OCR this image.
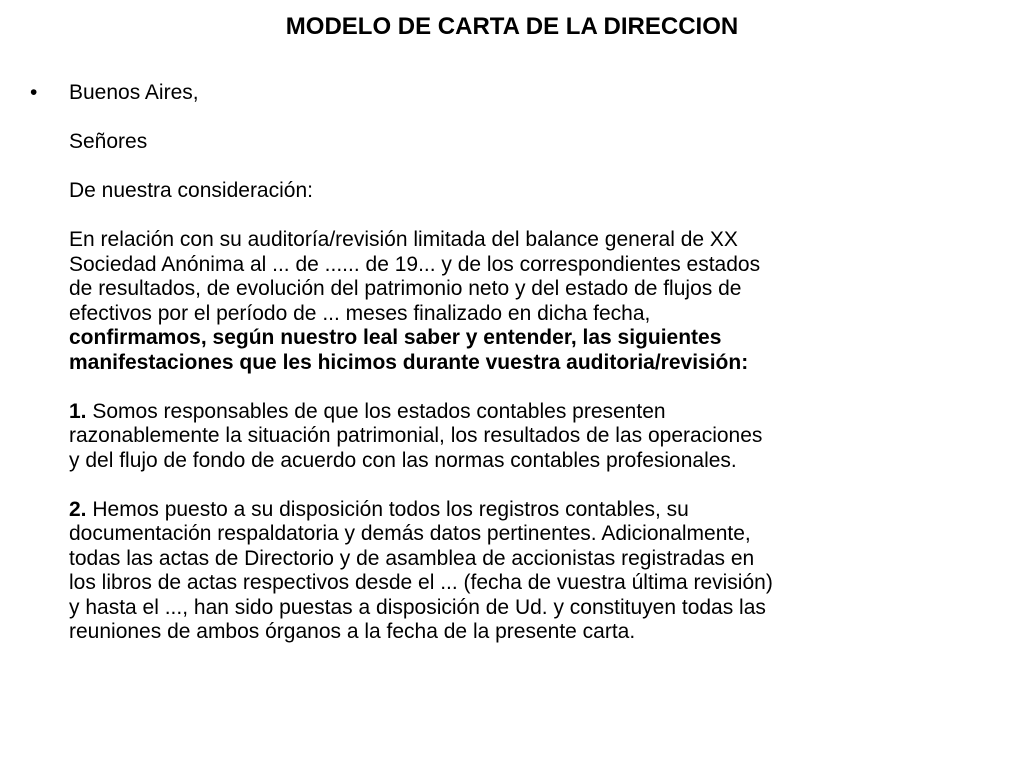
MODELO DE CARTA DE LA DIRECCION
• Buenos Aires,

Señores

De nuestra consideración:

En relación con su auditoría/revisión limitada del balance general de XX
Sociedad Anónima al ... de ...... de 19... y de los correspondientes estados
de resultados, de evolución del patrimonio neto y del estado de flujos de
efectivos por el período de ... meses finalizado en dicha fecha,
confirmamos, según nuestro leal saber y entender, las siguientes
manifestaciones que les hicimos durante vuestra auditoria/revisión:

1. Somos responsables de que los estados contables presenten
razonablemente la situación patrimonial, los resultados de las operaciones
y del flujo de fondo de acuerdo con las normas contables profesionales.

2. Hemos puesto a su disposición todos los registros contables, su
documentación respaldatoria y demás datos pertinentes. Adicionalmente,
todas las actas de Directorio y de asamblea de accionistas registradas en
los libros de actas respectivos desde el ... (fecha de vuestra última revisión)
y hasta el ..., han sido puestas a disposición de Ud. y constituyen todas las
reuniones de ambos órganos a la fecha de la presente carta.
